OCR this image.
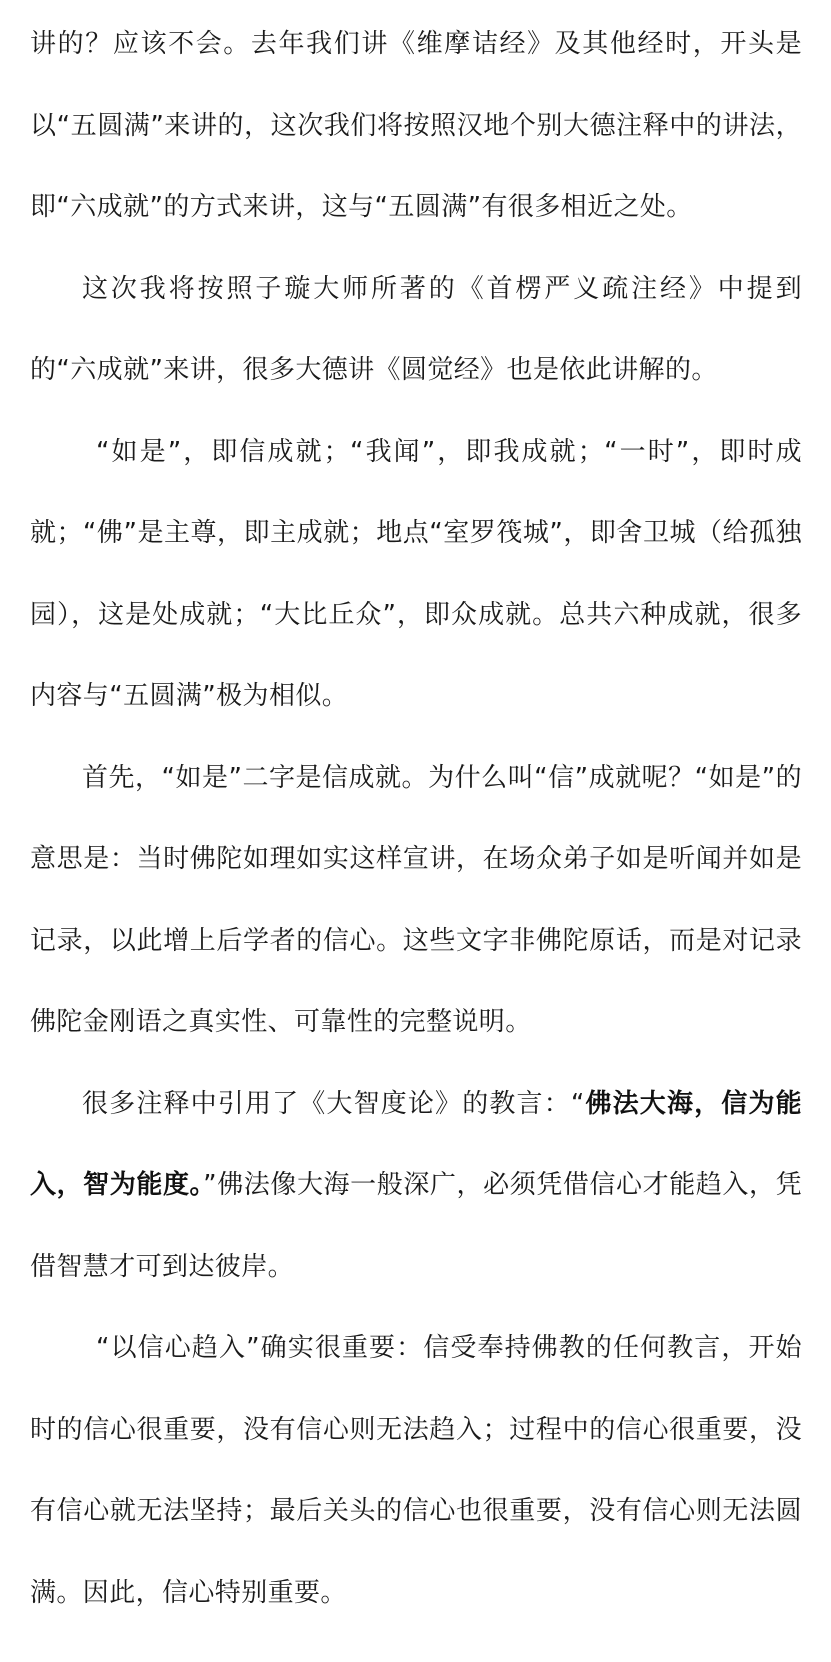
讲的？应该不会。去年我们讲《维摩诘经》及其他经时，开头是以“五圆满”来讲的，这次我们将按照汉地个别大德注释中的讲法，即“六成就”的方式来讲，这与“五圆满”有很多相近之处。

这次我将按照子璇大师所著的《首楞严义疏注经》中提到的“六成就”来讲，很多大德讲《圆觉经》也是依此讲解的。

“如是”，即信成就；“我闻”，即我成就；“一时”，即时成就；“佛”是主尊，即主成就；地点“室罗筏城”，即舍卫城（给孤独园），这是处成就；“大比丘众”，即众成就。总共六种成就，很多内容与“五圆满”极为相似。

首先，“如是”二字是信成就。为什么叫“信”成就呢？“如是”的意思是：当时佛陀如理如实这样宣讲，在场众弟子如是听闻并如是记录，以此增上后学者的信心。这些文字非佛陀原话，而是对记录佛陀金刚语之真实性、可靠性的完整说明。

很多注释中引用了《大智度论》的教言：“佛法大海，信为能入，智为能度。”佛法像大海一般深广，必须凭借信心才能趋入，凭借智慧才可到达彼岸。

“以信心趋入”确实很重要：信受奉持佛教的任何教言，开始时的信心很重要，没有信心则无法趋入；过程中的信心很重要，没有信心就无法坚持；最后关头的信心也很重要，没有信心则无法圆满。因此，信心特别重要。
